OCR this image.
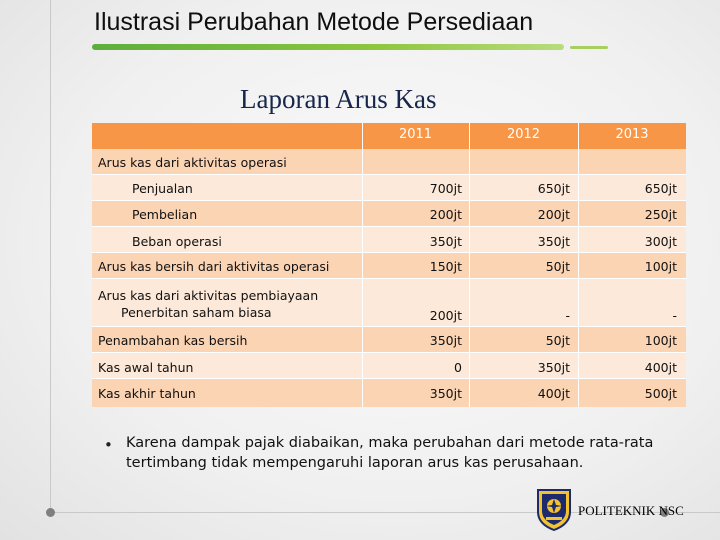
Ilustrasi Perubahan Metode Persediaan
Laporan Arus Kas
2011	2012	2013
Arus kas dari aktivitas operasi
Penjualan	700jt	650jt	650jt
Pembelian	200jt	200jt	250jt
Beban operasi	350jt	350jt	300jt
Arus kas bersih dari aktivitas operasi	150jt	50jt	100jt
Arus kas dari aktivitas pembiayaan
Penerbitan saham biasa	200jt	-	-
Penambahan kas bersih	350jt	50jt	100jt
Kas awal tahun	0	350jt	400jt
Kas akhir tahun	350jt	400jt	500jt
• Karena dampak pajak diabaikan, maka perubahan dari metode rata-rata tertimbang tidak mempengaruhi laporan arus kas perusahaan.
POLITEKNIK NSC
